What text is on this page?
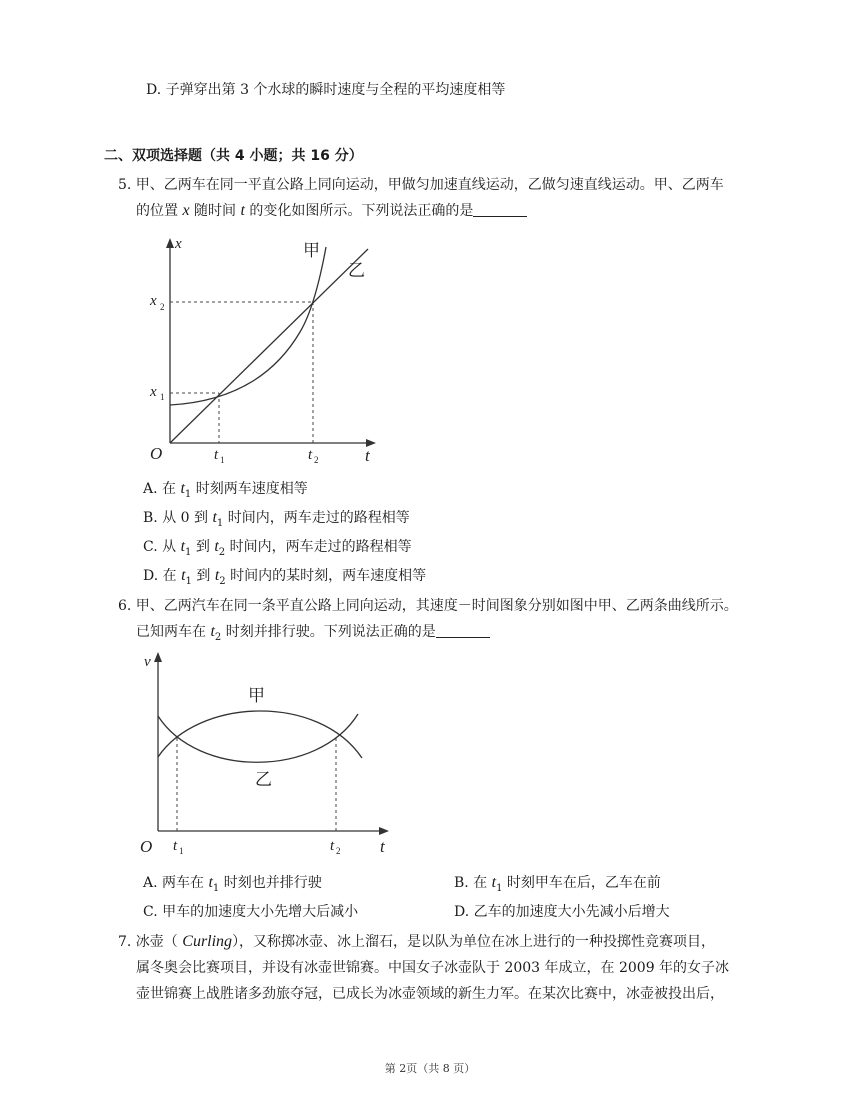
D. 子弹穿出第 3 个水球的瞬时速度与全程的平均速度相等
二、双项选择题（共 4 小题；共 16 分）
5. 甲、乙两车在同一平直公路上同向运动，甲做匀加速直线运动，乙做匀速直线运动。甲、乙两车
的位置 x 随时间 t 的变化如图所示。下列说法正确的是
x
t
O
x 1
x 2
t 1	t 2
甲
乙
A. 在 $t_1$ 时刻两车速度相等
B. 从 0 到 $t_1$ 时间内，两车走过的路程相等
C. 从 $t_1$ 到 $t_2$ 时间内，两车走过的路程相等
D. 在 $t_1$ 到 $t_2$ 时间内的某时刻，两车速度相等
6. 甲、乙两汽车在同一条平直公路上同向运动，其速度－时间图象分别如图中甲、乙两条曲线所示。
已知两车在 $t_2$ 时刻并排行驶。下列说法正确的是
v
t
O t 1	t 2
甲
乙
A. 两车在 $t_1$ 时刻也并排行驶	B. 在 $t_1$ 时刻甲车在后，乙车在前
C. 甲车的加速度大小先增大后减小	D. 乙车的加速度大小先减小后增大
7. 冰壶（ Curling），又称掷冰壶、冰上溜石，是以队为单位在冰上进行的一种投掷性竞赛项目，
属冬奥会比赛项目，并设有冰壶世锦赛。中国女子冰壶队于 2003 年成立，在 2009 年的女子冰
壶世锦赛上战胜诸多劲旅夺冠，已成长为冰壶领域的新生力军。在某次比赛中，冰壶被投出后，
第 2页（共 8 页）
